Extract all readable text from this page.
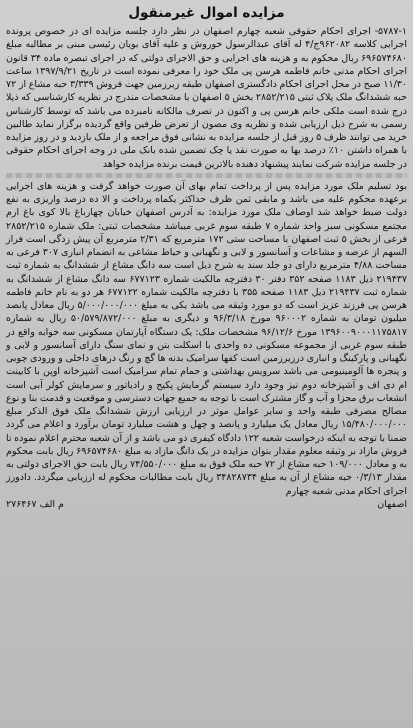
مزایده اموال غیرمنقول

۵۷۸۷-۱- اجرای احکام حقوقی شعبه چهارم اصفهان در نظر دارد جلسه مزایده ای در خصوص پرونده اجرایی کلاسه ۹۶۲۰۸۲ج/۴ له آقای عبدالرسول خوروش و علیه آقای بویان رئیسی مبنی بر مطالبه مبلغ ۶۹۶۵۷۴۶۸۰ ریال محکوم به و هزینه های اجرایی و حق الاجرای دولتی که در اجرای تبصره ماده ۳۴ قانون اجرای احکام مدنی خانم فاطمه هرسن پی ملک خود را معرفی نموده است در تاریخ ۱۳۹۷/۹/۲۱ ساعت ۱۱/۳۰ صبح در محل اجرای احکام دادگستری اصفهان طبقه زیرزمین جهت فروش ۳/۳۳۹ حبه مشاع از ۷۲ حبه ششدانگ ملک پلاک ثبتی ۲۸۵۲/۲۱۵ بخش ۵ اصفهان با مشخصات مندرج در نظریه کارشناسی که ذیلا درج شده است ملکی خانم هرسن پی و اکنون در تصرف مالکانه نامبرده می باشد که توسط کارشناس رسمی به شرح ذیل ارزیابی شده و نظریه وی مصون از تعرض طرفین واقع گردیده برگزار نماید طالبین خرید می توانند ظرف ۵ روز قبل از جلسه مزایده به نشانی فوق مراجعه و از ملک بازدید و در روز مزایده با همراه داشتن ۱۰٪ درصد بها به صورت نقد یا چک تضمین شده بانک ملی در وجه اجرای احکام حقوقی در جلسه مزایده شرکت نمایند پیشنهاد دهنده بالاترین قیمت برنده مزایده خواهد

بود تسلیم ملک مورد مزایده پس از پرداخت تمام بهای آن صورت خواهد گرفت و هزینه های اجرایی برعهده محکوم علیه می باشد و مابقی ثمن ظرف حداکثر یکماه پرداخت و الا ده درصد واریزی به نفع دولت ضبط خواهد شد اوصاف ملک مورد مزایده: به آدرس اصفهان خیابان چهارباغ بالا کوی باغ ارم مجتمع مسکونی سبز واحد شماره ۷ طبقه سوم غربی میباشد مشخصات ثبتی: ملک شماره ۲۸۵۲/۲۱۵ فرعی از بخش ۵ ثبت اصفهان با مساحت ستی ۱۷۲ مترمربع که ۲/۳۱ مترمربع آن پیش زدگی است فراز السهم از عرصه و مشاعات و آسانسور و لابی و نگهبانی و حیاط مشاعی به انضمام انباری ۳۰۷ فرعی به مساحت ۴/۸۸ مترمربع دارای دو جلد سند به شرح ذیل است سه دانگ مشاع از ششدانگ به شماره ثبت ۲۱۹۴۳۷ ذیل ۱۱۸۳ صفحه ۳۵۲ دفتر ۳۰ دفترچه مالکیت شماره ۶۷۷۱۲۳ سه دانگ مشاع از ششدانگ به شماره ثبت ۲۱۹۴۳۷ ذیل ۱۱۸۳ صفحه ۳۵۵ با دفترچه مالکیت شماره ۶۷۷۱۲۲ هر دو به نام خانم فاطمه هرسن پی فرزند عزیز است که دو مورد وثیقه می باشد یکی به مبلغ ۵/۰۰۰/۰۰۰/۰۰۰ ریال معادل پانصد میلیون تومان به شماره ۹۶۰۰۰۲ مورخ ۹۶/۳/۱۸ و دیگری به مبلغ ۵۰/۵۷۹/۸۷۲/۰۰۰ ریال به شماره ۱۳۹۶۰۰۹۰۰۰۱۱۷۵۸۱۷ مورخ ۹۶/۱۲/۶ مشخصات ملک: یک دستگاه آپارتمان مسکونی سه خوابه واقع در طبقه سوم غربی از مجموعه مسکونی ده واحدی با اسکلت بتن و نمای سنگ دارای آسانسور و لابی و نگهبانی و پارکینگ و انباری درزیرزمین است کفها سرامیک بدنه ها گچ و رنگ درهای داخلی و ورودی چوبی و پنجره ها آلومینیومی می باشد سرویس بهداشتی و حمام تمام سرامیک است آشپزخانه اوپن با کابینت ام دی اف و آشپزخانه دوم نیز وجود دارد سیستم گرمایش پکیج و رادیاتور و سرمایش کولر آبی است انشعاب برق مجزا و آب و گاز مشترک است با توجه به جمیع جهات دسترسی و موقعیت و قدمت بنا و نوع مصالح مصرفی طبقه واحد و سایر عوامل موثر در ارزیابی ارزش ششدانگ ملک فوق الذکر مبلغ ۱۵/۴۸۰/۰۰۰/۰۰۰ ریال معادل یک میلیارد و پانصد و چهل و هشت میلیارد تومان برآورد و اعلام می گردد ضمنا با توجه به اینکه درخواست شعبه ۱۲۲ دادگاه کیفری دو می باشد و از آن شعبه محترم اعلام نموده تا فروش مازاد بر وثیقه معلوم مقدار بتوان مزایده در یک دانگ مازاد به مبلغ ۶۹۶۵۷۴۶۸۰ ریال بابت محکوم به و معادل ۱۰۹/۰۰۰ حبه مشاع از ۷۲ حبه ملک فوق به مبلغ ۷۴/۵۵۰/۰۰۰ ریال بابت حق الاجرای دولتی به مقدار ۰/۳/۱۳ حبه مشاع از آن به مبلغ ۳۴۸۲۸۷۳۴ ریال بابت مطالبات محکوم له ارزیابی میگردد. دادورز اجرای احکام مدنی شعبه چهارم

اصفهان
م الف ۲۷۶۴۶۷
